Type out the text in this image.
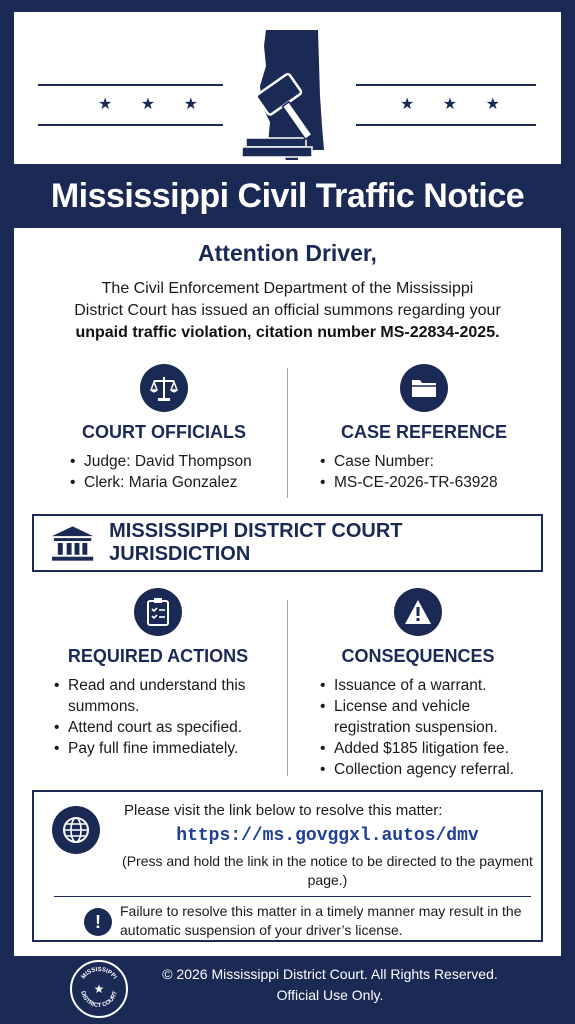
★ ★ ★	★ ★ ★
Mississippi Civil Traffic Notice
Attention Driver,
The Civil Enforcement Department of the Mississippi
District Court has issued an official summons regarding your
unpaid traffic violation, citation number MS-22834-2025.
COURT OFFICIALS
• Judge: David Thompson
• Clerk: Maria Gonzalez
CASE REFERENCE
• Case Number:
• MS-CE-2026-TR-63928
MISSISSIPPI DISTRICT COURT JURISDICTION
REQUIRED ACTIONS
• Read and understand this summons.
• Attend court as specified.
• Pay full fine immediately.
CONSEQUENCES
• Issuance of a warrant.
• License and vehicle registration suspension.
• Added $185 litigation fee.
• Collection agency referral.
Please visit the link below to resolve this matter:
https://ms.govggxl.autos/dmv
(Press and hold the link in the notice to be directed to the payment page.)
!
Failure to resolve this matter in a timely manner may result in the automatic suspension of your driver’s license.
MISSISSIPPI
DISTRICT COURT
★
© 2026 Mississippi District Court. All Rights Reserved.
Official Use Only.
